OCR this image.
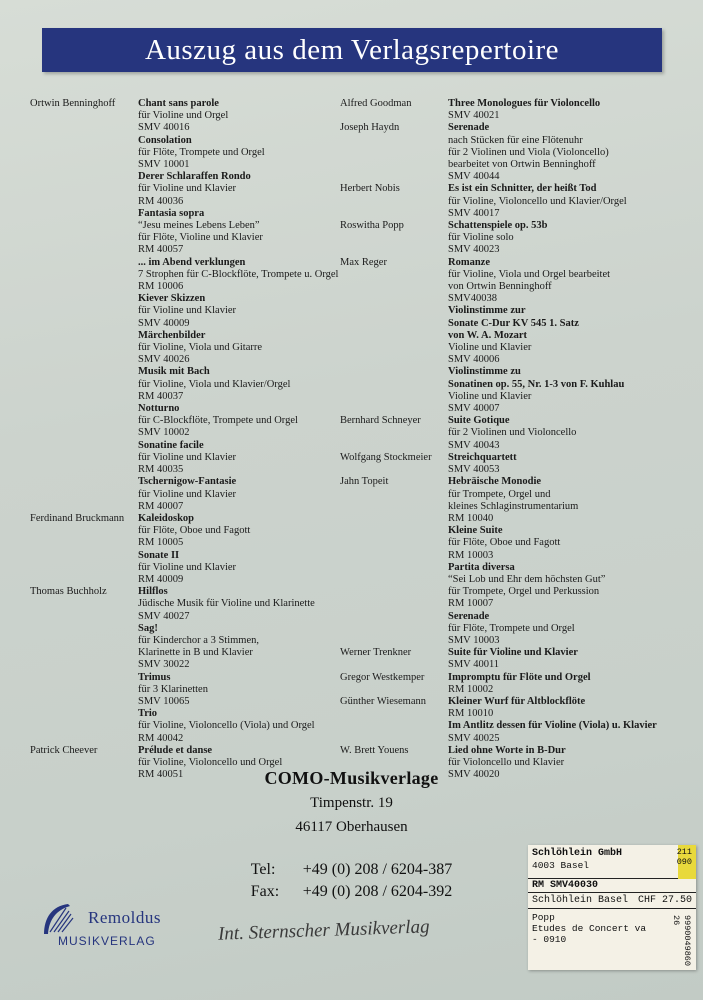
Auszug aus dem Verlagsrepertoire
Ortwin Benninghoff	Chant sans parole
für Violine und Orgel
SMV 40016
Consolation
für Flöte, Trompete und Orgel
SMV 10001
Derer Schlaraffen Rondo
für Violine und Klavier
RM 40036
Fantasia sopra
“Jesu meines Lebens Leben”
für Flöte, Violine und Klavier
RM 40057
... im Abend verklungen
7 Strophen für C-Blockflöte, Trompete u. Orgel
RM 10006
Kiever Skizzen
für Violine und Klavier
SMV 40009
Märchenbilder
für Violine, Viola und Gitarre
SMV 40026
Musik mit Bach
für Violine, Viola und Klavier/Orgel
RM 40037
Notturno
für C-Blockflöte, Trompete und Orgel
SMV 10002
Sonatine facile
für Violine und Klavier
RM 40035
Tschernigow-Fantasie
für Violine und Klavier
RM 40007
Ferdinand Bruckmann	Kaleidoskop
für Flöte, Oboe und Fagott
RM 10005
Sonate II
für Violine und Klavier
RM 40009
Thomas Buchholz	Hilflos
Jüdische Musik für Violine und Klarinette
SMV 40027
Sag!
für Kinderchor a 3 Stimmen,
Klarinette in B und Klavier
SMV 30022
Trimus
für 3 Klarinetten
SMV 10065
Trio
für Violine, Violoncello (Viola) und Orgel
RM 40042
Patrick Cheever	Prélude et danse
für Violine, Violoncello und Orgel
RM 40051
Alfred Goodman	Three Monologues für Violoncello
SMV 40021
Joseph Haydn	Serenade
nach Stücken für eine Flötenuhr
für 2 Violinen und Viola (Violoncello)
bearbeitet von Ortwin Benninghoff
SMV 40044
Herbert Nobis	Es ist ein Schnitter, der heißt Tod
für Violine, Violoncello und Klavier/Orgel
SMV 40017
Roswitha Popp	Schattenspiele op. 53b
für Violine solo
SMV 40023
Max Reger	Romanze
für Violine, Viola und Orgel bearbeitet
von Ortwin Benninghoff
SMV40038
Violinstimme zur
Sonate C-Dur KV 545 1. Satz
von W. A. Mozart
Violine und Klavier
SMV 40006
Violinstimme zu
Sonatinen op. 55, Nr. 1-3 von F. Kuhlau
Violine und Klavier
SMV 40007
Bernhard Schneyer	Suite Gotique
für 2 Violinen und Violoncello
SMV 40043
Wolfgang Stockmeier	Streichquartett
SMV 40053
Jahn Topeit	Hebräische Monodie
für Trompete, Orgel und
kleines Schlaginstrumentarium
RM 10040
Kleine Suite
für Flöte, Oboe und Fagott
RM 10003
Partita diversa
“Sei Lob und Ehr dem höchsten Gut”
für Trompete, Orgel und Perkussion
RM 10007
Serenade
für Flöte, Trompete und Orgel
SMV 10003
Werner Trenkner	Suite für Violine und Klavier
SMV 40011
Gregor Westkemper	Impromptu für Flöte und Orgel
RM 10002
Günther Wiesemann	Kleiner Wurf für Altblockflöte
RM 10010
Im Antlitz dessen für Violine (Viola) u. Klavier
SMV 40025
W. Brett Youens	Lied ohne Worte in B-Dur
für Violoncello und Klavier
SMV 40020
COMO-Musikverlage
Timpenstr. 19
46117 Oberhausen
Tel:	+49 (0) 208 / 6204-387
Fax:	+49 (0) 208 / 6204-392
Remoldus
MUSIKVERLAG	Int. Sternscher Musikverlag
Schlöhlein GmbH
4003 Basel
211
090
RM SMV40030
Schlöhlein Basel CHF 27.50
9990049860 26
Popp
Etudes de Concert va
- 0910
